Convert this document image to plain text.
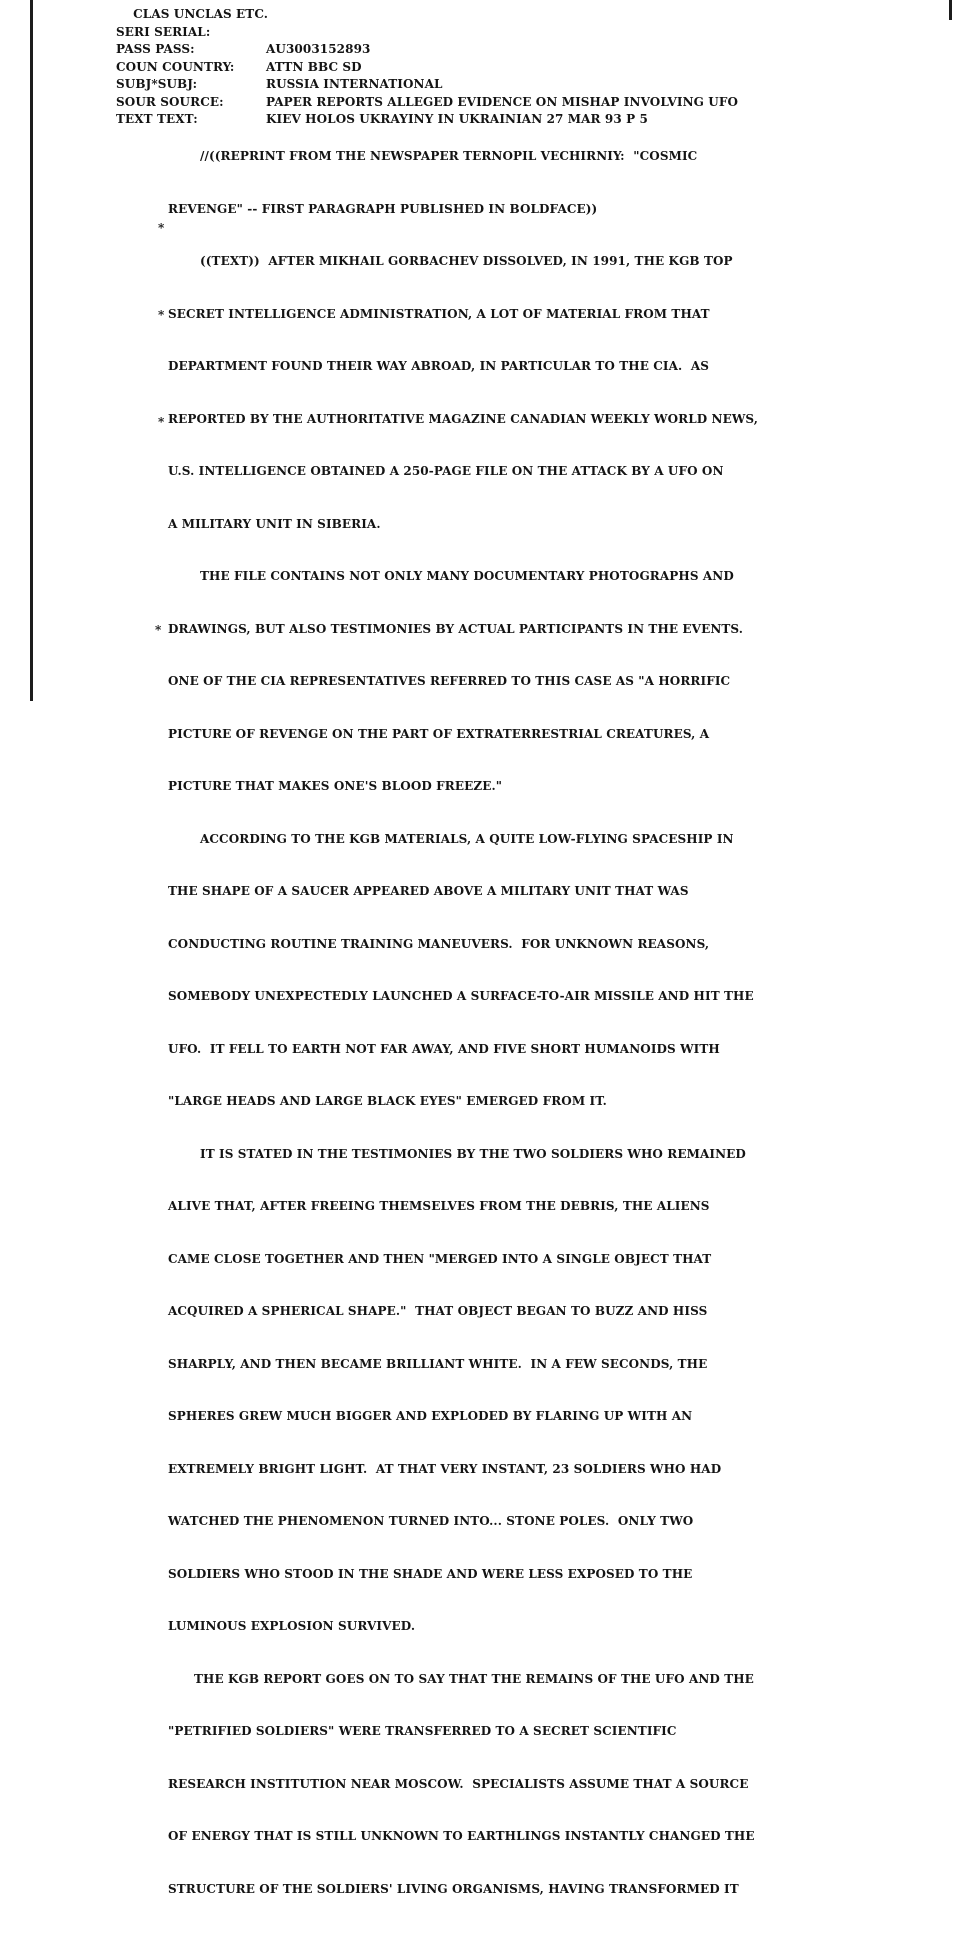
CLAS UNCLAS ETC.

SERI SERIAL:

AU3003152893

PASS PASS:

ATTN BBC SD

COUN COUNTRY:

RUSSIA INTERNATIONAL

SUBJ*SUBJ:

PAPER REPORTS ALLEGED EVIDENCE ON MISHAP INVOLVING UFO

SOUR SOURCE:

KIEV HOLOS UKRAYINY IN UKRAINIAN 27 MAR 93 P 5

TEXT TEXT:

*
*
*
*

//((REPRINT FROM THE NEWSPAPER TERNOPIL VECHIRNIY:  "COSMIC

REVENGE" -- FIRST PARAGRAPH PUBLISHED IN BOLDFACE))

((TEXT))  AFTER MIKHAIL GORBACHEV DISSOLVED, IN 1991, THE KGB TOP

SECRET INTELLIGENCE ADMINISTRATION, A LOT OF MATERIAL FROM THAT

DEPARTMENT FOUND THEIR WAY ABROAD, IN PARTICULAR TO THE CIA.  AS

REPORTED BY THE AUTHORITATIVE MAGAZINE CANADIAN WEEKLY WORLD NEWS,

U.S. INTELLIGENCE OBTAINED A 250-PAGE FILE ON THE ATTACK BY A UFO ON

A MILITARY UNIT IN SIBERIA.

THE FILE CONTAINS NOT ONLY MANY DOCUMENTARY PHOTOGRAPHS AND

DRAWINGS, BUT ALSO TESTIMONIES BY ACTUAL PARTICIPANTS IN THE EVENTS.

ONE OF THE CIA REPRESENTATIVES REFERRED TO THIS CASE AS "A HORRIFIC

PICTURE OF REVENGE ON THE PART OF EXTRATERRESTRIAL CREATURES, A

PICTURE THAT MAKES ONE'S BLOOD FREEZE."

ACCORDING TO THE KGB MATERIALS, A QUITE LOW-FLYING SPACESHIP IN

THE SHAPE OF A SAUCER APPEARED ABOVE A MILITARY UNIT THAT WAS

CONDUCTING ROUTINE TRAINING MANEUVERS.  FOR UNKNOWN REASONS,

SOMEBODY UNEXPECTEDLY LAUNCHED A SURFACE-TO-AIR MISSILE AND HIT THE

UFO.  IT FELL TO EARTH NOT FAR AWAY, AND FIVE SHORT HUMANOIDS WITH

"LARGE HEADS AND LARGE BLACK EYES" EMERGED FROM IT.

IT IS STATED IN THE TESTIMONIES BY THE TWO SOLDIERS WHO REMAINED

ALIVE THAT, AFTER FREEING THEMSELVES FROM THE DEBRIS, THE ALIENS

CAME CLOSE TOGETHER AND THEN "MERGED INTO A SINGLE OBJECT THAT

ACQUIRED A SPHERICAL SHAPE."  THAT OBJECT BEGAN TO BUZZ AND HISS

SHARPLY, AND THEN BECAME BRILLIANT WHITE.  IN A FEW SECONDS, THE

SPHERES GREW MUCH BIGGER AND EXPLODED BY FLARING UP WITH AN

EXTREMELY BRIGHT LIGHT.  AT THAT VERY INSTANT, 23 SOLDIERS WHO HAD

WATCHED THE PHENOMENON TURNED INTO... STONE POLES.  ONLY TWO

SOLDIERS WHO STOOD IN THE SHADE AND WERE LESS EXPOSED TO THE

LUMINOUS EXPLOSION SURVIVED.

THE KGB REPORT GOES ON TO SAY THAT THE REMAINS OF THE UFO AND THE

"PETRIFIED SOLDIERS" WERE TRANSFERRED TO A SECRET SCIENTIFIC

RESEARCH INSTITUTION NEAR MOSCOW.  SPECIALISTS ASSUME THAT A SOURCE

OF ENERGY THAT IS STILL UNKNOWN TO EARTHLINGS INSTANTLY CHANGED THE

STRUCTURE OF THE SOLDIERS' LIVING ORGANISMS, HAVING TRANSFORMED IT
